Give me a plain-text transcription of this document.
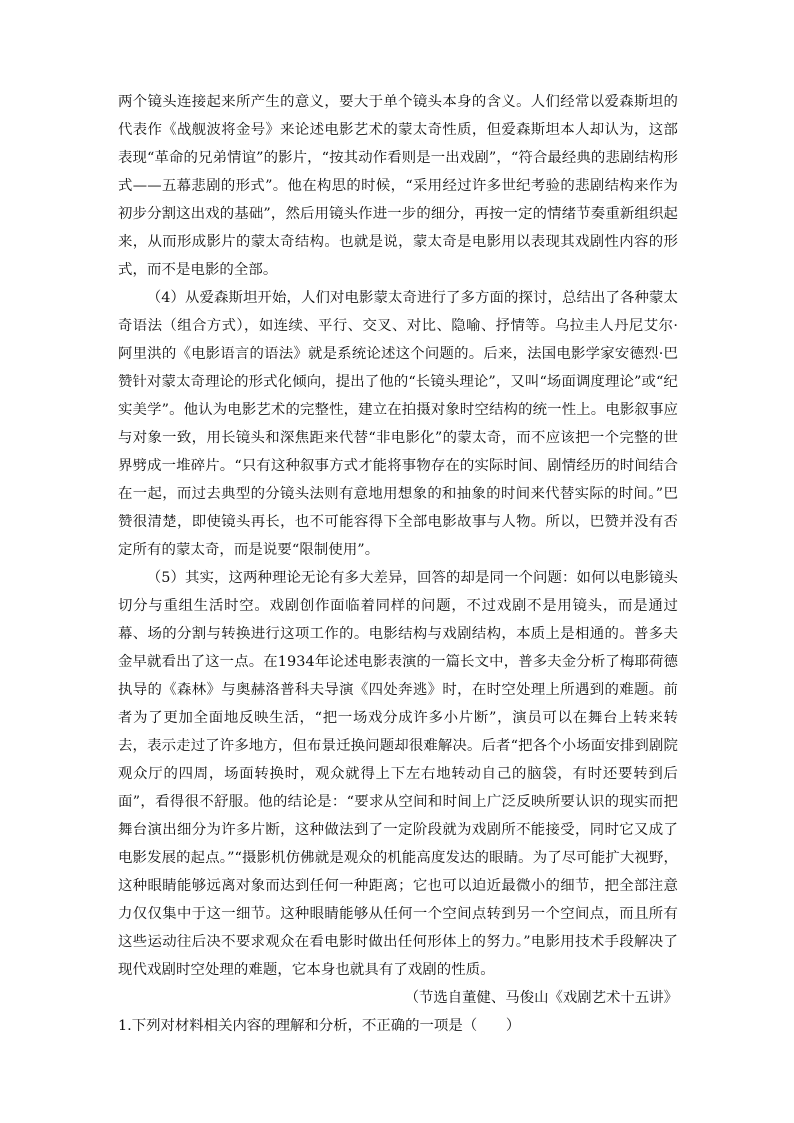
两个镜头连接起来所产生的意义，要大于单个镜头本身的含义。人们经常以爱森斯坦的代表作《战舰波将金号》来论述电影艺术的蒙太奇性质，但爱森斯坦本人却认为，这部表现“革命的兄弟情谊”的影片，“按其动作看则是一出戏剧”，“符合最经典的悲剧结构形式——五幕悲剧的形式”。他在构思的时候，“采用经过许多世纪考验的悲剧结构来作为初步分割这出戏的基础”，然后用镜头作进一步的细分，再按一定的情绪节奏重新组织起来，从而形成影片的蒙太奇结构。也就是说，蒙太奇是电影用以表现其戏剧性内容的形式，而不是电影的全部。

（4）从爱森斯坦开始，人们对电影蒙太奇进行了多方面的探讨，总结出了各种蒙太奇语法（组合方式），如连续、平行、交叉、对比、隐喻、抒情等。乌拉圭人丹尼艾尔·阿里洪的《电影语言的语法》就是系统论述这个问题的。后来，法国电影学家安德烈·巴赞针对蒙太奇理论的形式化倾向，提出了他的“长镜头理论”，又叫“场面调度理论”或“纪实美学”。他认为电影艺术的完整性，建立在拍摄对象时空结构的统一性上。电影叙事应与对象一致，用长镜头和深焦距来代替“非电影化”的蒙太奇，而不应该把一个完整的世界劈成一堆碎片。“只有这种叙事方式才能将事物存在的实际时间、剧情经历的时间结合在一起，而过去典型的分镜头法则有意地用想象的和抽象的时间来代替实际的时间。”巴赞很清楚，即使镜头再长，也不可能容得下全部电影故事与人物。所以，巴赞并没有否定所有的蒙太奇，而是说要“限制使用”。

（5）其实，这两种理论无论有多大差异，回答的却是同一个问题：如何以电影镜头切分与重组生活时空。戏剧创作面临着同样的问题，不过戏剧不是用镜头，而是通过幕、场的分割与转换进行这项工作的。电影结构与戏剧结构，本质上是相通的。普多夫金早就看出了这一点。在1934年论述电影表演的一篇长文中，普多夫金分析了梅耶荷德执导的《森林》与奥赫洛普科夫导演《四处奔逃》时，在时空处理上所遇到的难题。前者为了更加全面地反映生活，“把一场戏分成许多小片断”，演员可以在舞台上转来转去，表示走过了许多地方，但布景迁换问题却很难解决。后者“把各个小场面安排到剧院观众厅的四周，场面转换时，观众就得上下左右地转动自己的脑袋，有时还要转到后面”，看得很不舒服。他的结论是：“要求从空间和时间上广泛反映所要认识的现实而把舞台演出细分为许多片断，这种做法到了一定阶段就为戏剧所不能接受，同时它又成了电影发展的起点。”“摄影机仿佛就是观众的机能高度发达的眼睛。为了尽可能扩大视野，这种眼睛能够远离对象而达到任何一种距离；它也可以迫近最微小的细节，把全部注意力仅仅集中于这一细节。这种眼睛能够从任何一个空间点转到另一个空间点，而且所有这些运动往后决不要求观众在看电影时做出任何形体上的努力。”电影用技术手段解决了现代戏剧时空处理的难题，它本身也就具有了戏剧的性质。

（节选自董健、马俊山《戏剧艺术十五讲》

1.下列对材料相关内容的理解和分析，不正确的一项是（　　）
